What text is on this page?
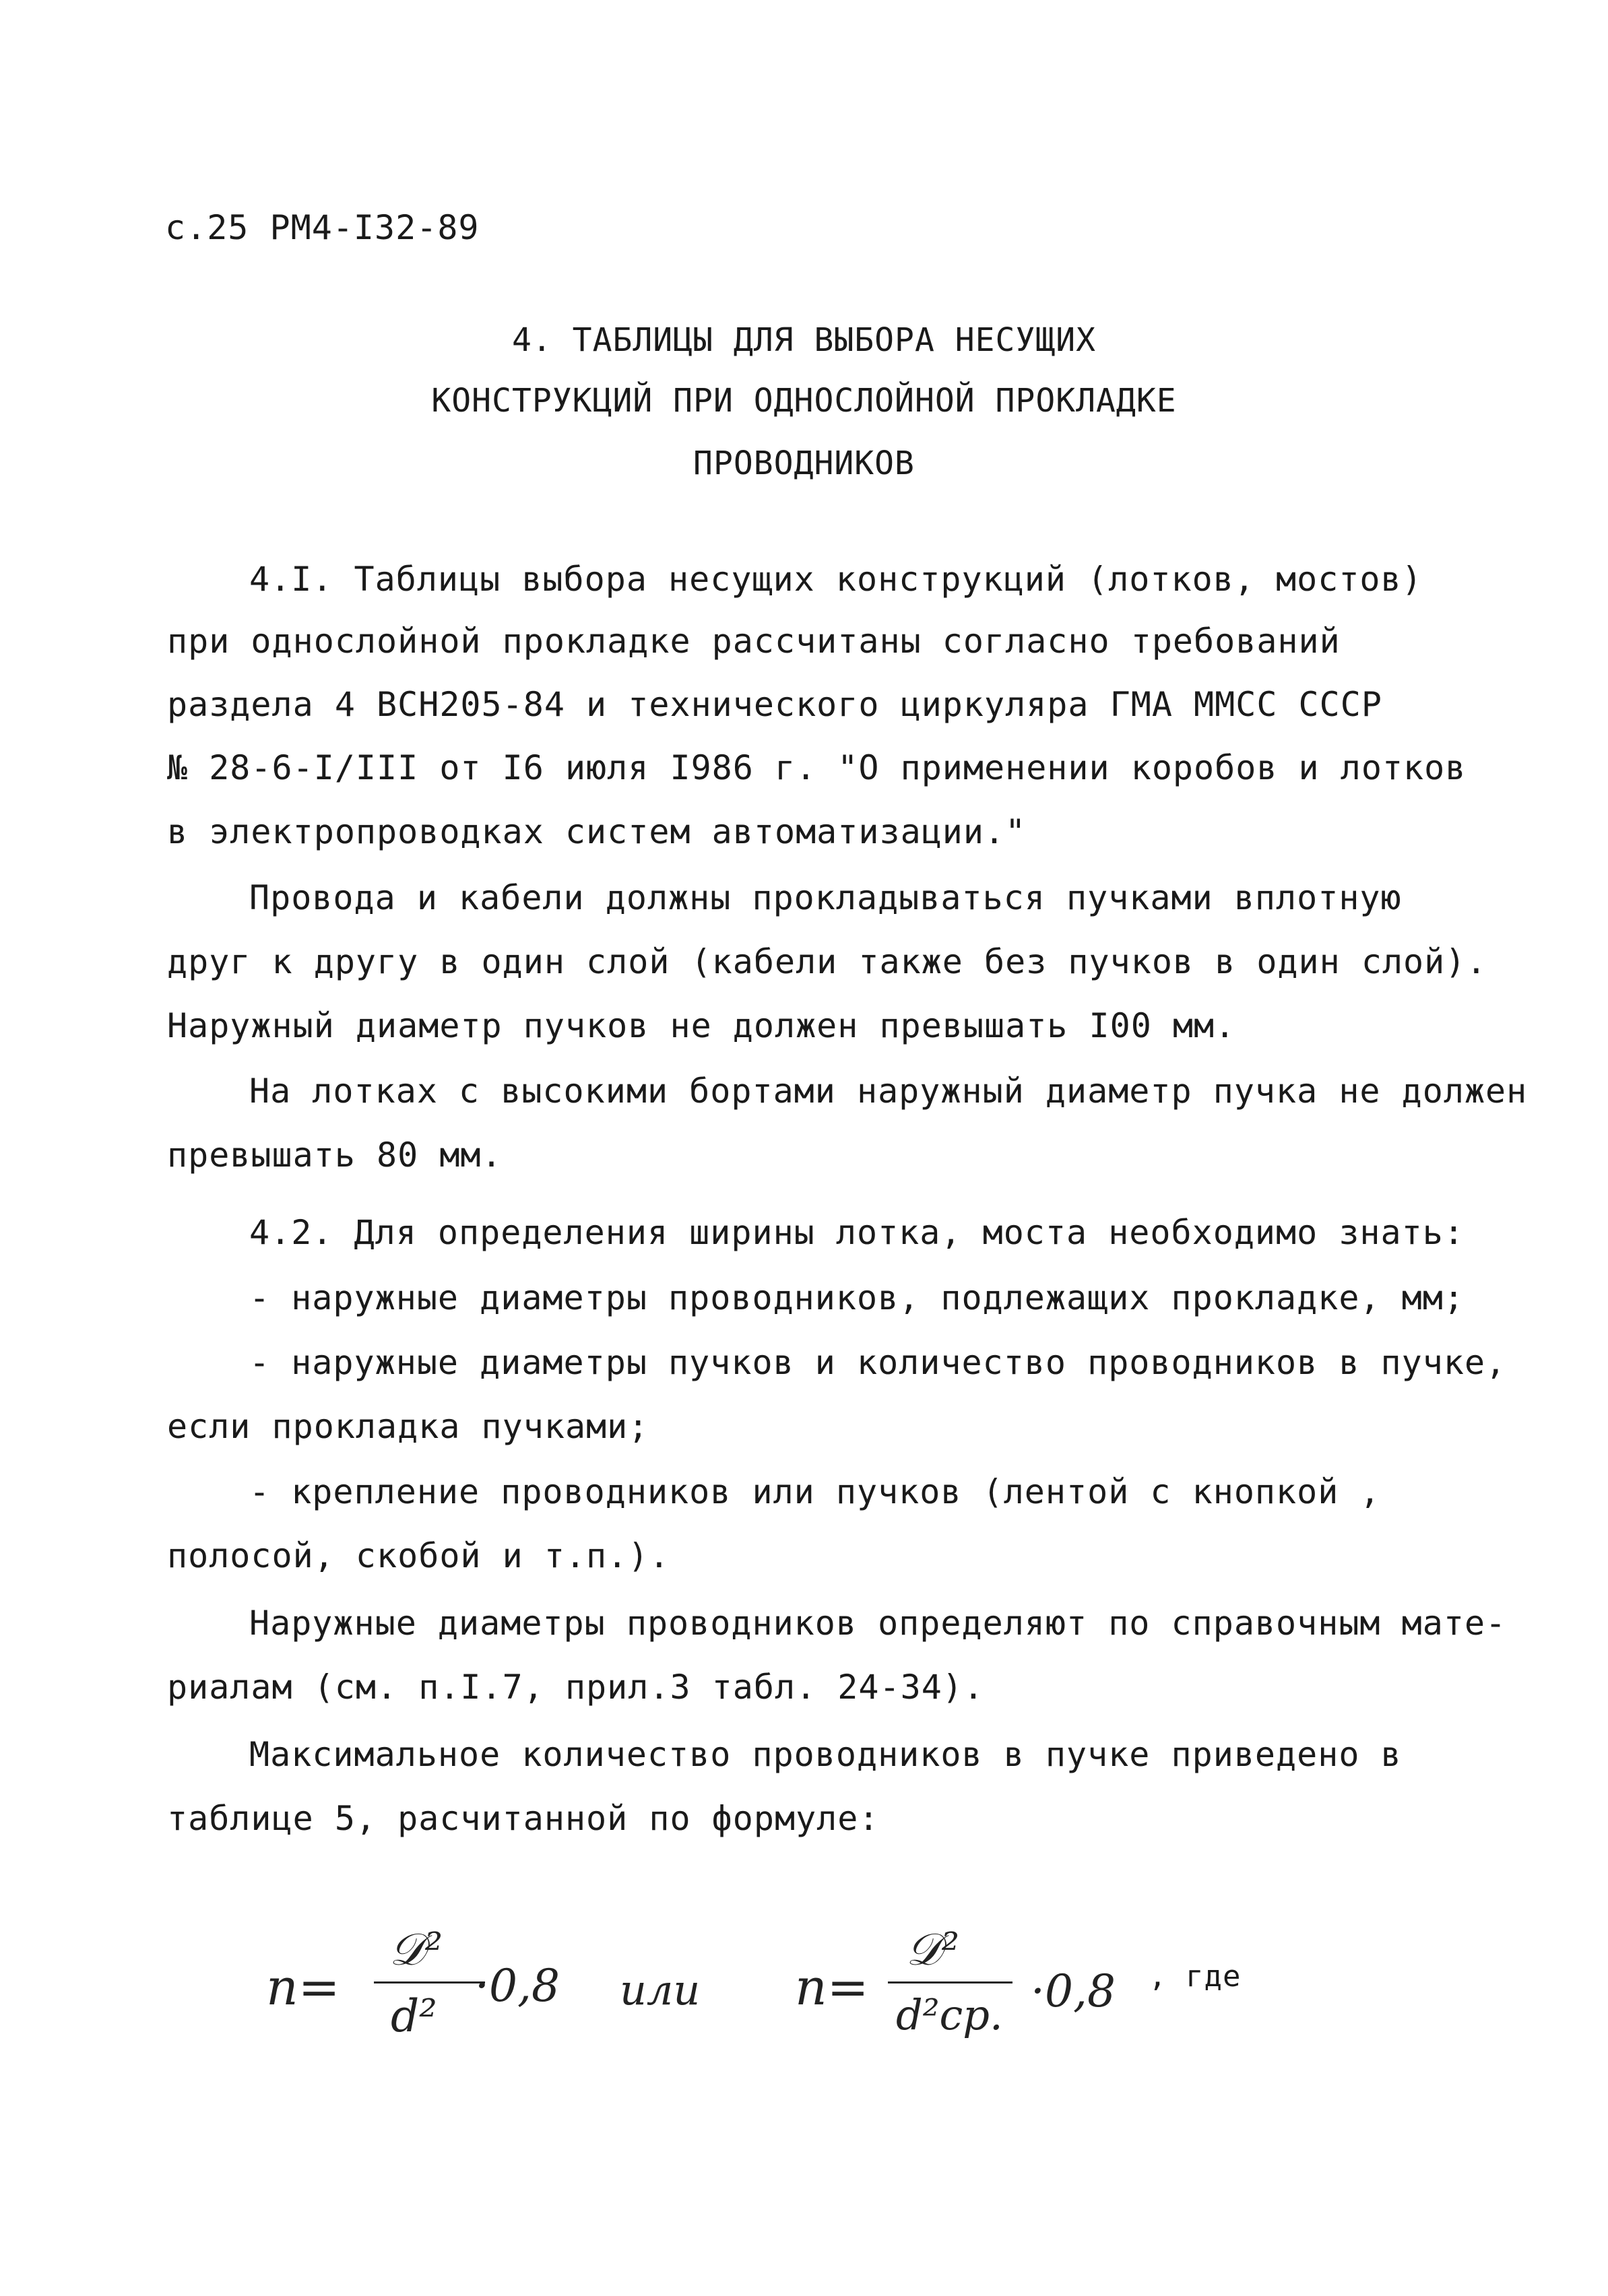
с.25 РМ4-I32-89
4. ТАБЛИЦЫ ДЛЯ ВЫБОРА НЕСУЩИХ
КОНСТРУКЦИЙ ПРИ ОДНОСЛОЙНОЙ ПРОКЛАДКЕ
ПРОВОДНИКОВ
4.I. Таблицы выбора несущих конструкций (лотков, мостов)
при однослойной прокладке рассчитаны согласно требований
раздела 4 ВСН205-84 и технического циркуляра ГМА ММСС СССР
№ 28-6-I/III от I6 июля I986 г. "О применении коробов и лотков
в электропроводках систем автоматизации."
Провода и кабели должны прокладываться пучками вплотную
друг к другу в один слой (кабели также без пучков в один слой).
Наружный диаметр пучков не должен превышать I00 мм.
На лотках с высокими бортами наружный диаметр пучка не должен
превышать 80 мм.
4.2. Для определения ширины лотка, моста необходимо знать:
- наружные диаметры проводников, подлежащих прокладке, мм;
- наружные диаметры пучков и количество проводников в пучке,
если прокладка пучками;
- крепление проводников или пучков (лентой с кнопкой ,
полосой, скобой и т.п.).
Наружные диаметры проводников определяют по справочным мате-
риалам (см. п.I.7, прил.3 табл. 24-34).
Максимальное количество проводников в пучке приведено в
таблице 5, расчитанной по формуле:
n=
𝒟²
d²
·0,8 или n=
𝒟²
d²ср. ·0,8 , где
